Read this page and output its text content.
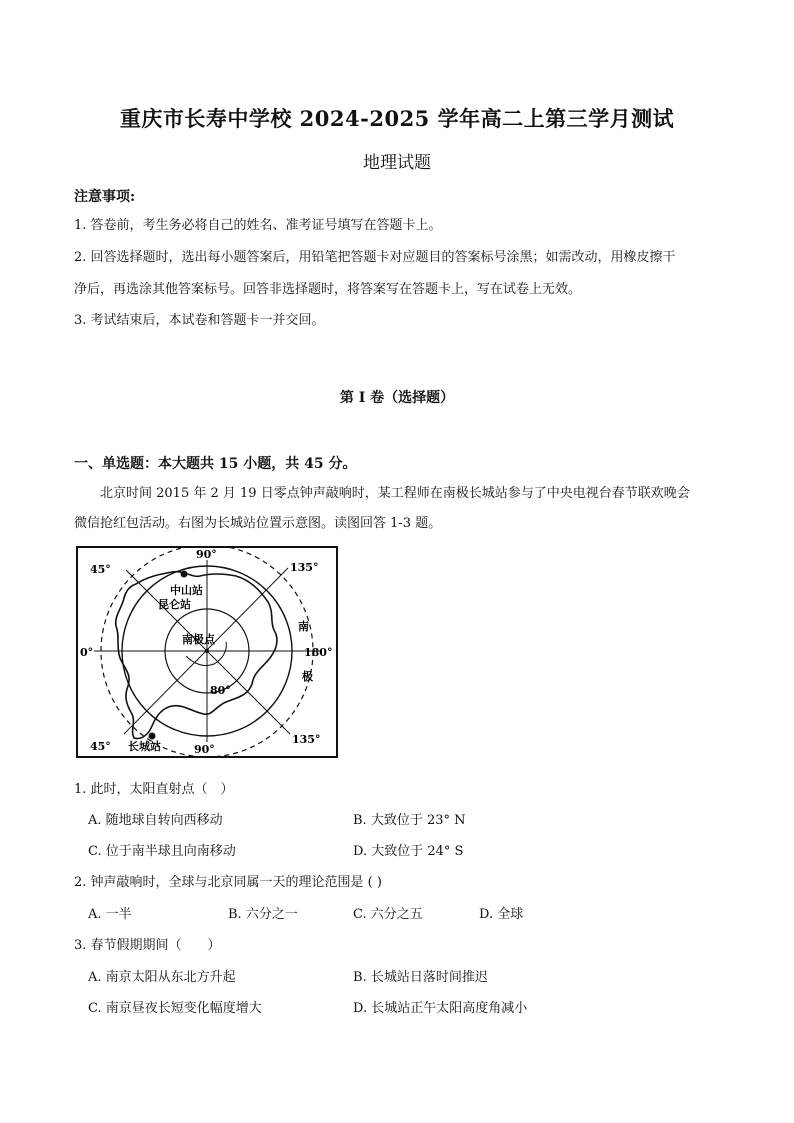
重庆市长寿中学校 2024-2025 学年高二上第三学月测试
地理试题
注意事项:
1. 答卷前，考生务必将自己的姓名、准考证号填写在答题卡上。
2. 回答选择题时，选出每小题答案后，用铅笔把答题卡对应题目的答案标号涂黑；如需改动，用橡皮擦干
净后，再选涂其他答案标号。回答非选择题时，将答案写在答题卡上，写在试卷上无效。
3. 考试结束后，本试卷和答题卡一并交回。
第 I 卷（选择题）
一、单选题：本大题共 15 小题，共 45 分。
北京时间 2015 年 2 月 19 日零点钟声敲响时，某工程师在南极长城站参与了中央电视台春节联欢晚会
微信抢红包活动。右图为长城站位置示意图。读图回答 1-3 题。
90°
90°
45°
45°
135°
135°
0°	180°
80°
中山站
昆仑站
南极点
长城站
南
极
1. 此时，太阳直射点（　）
A. 随地球自转向西移动	B. 大致位于 23° N
C. 位于南半球且向南移动	D. 大致位于 24° S
2. 钟声敲响时，全球与北京同属一天的理论范围是 ( )
A. 一半	B. 六分之一	C. 六分之五	D. 全球
3. 春节假期期间（　　）
A. 南京太阳从东北方升起	B. 长城站日落时间推迟
C. 南京昼夜长短变化幅度增大	D. 长城站正午太阳高度角减小
